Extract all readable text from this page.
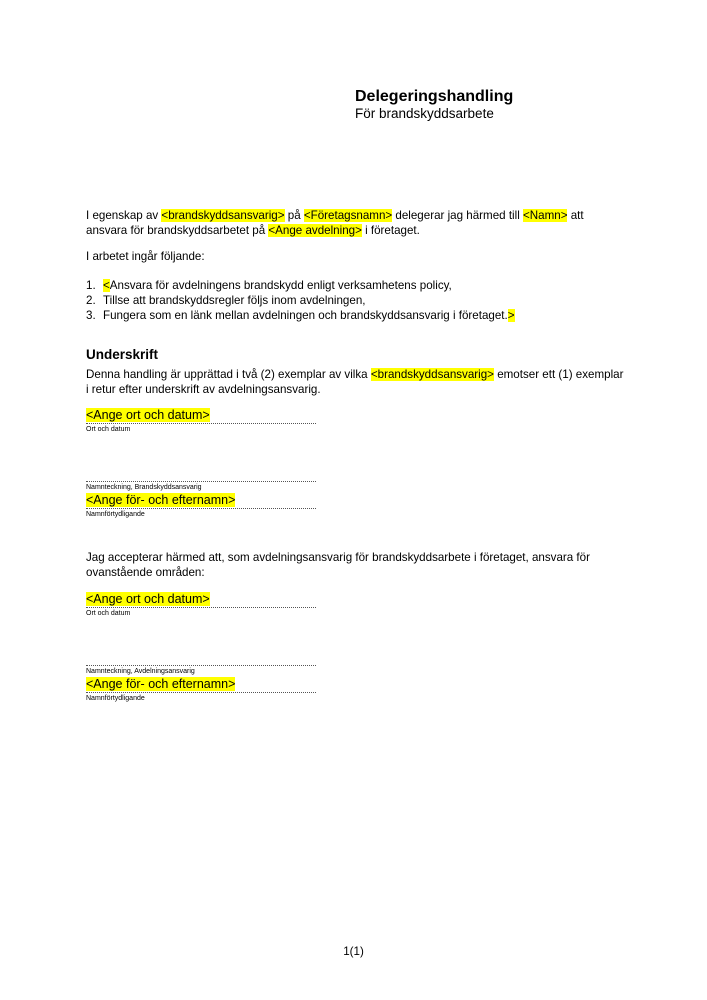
Delegeringshandling
För brandskyddsarbete
I egenskap av <brandskyddsansvarig> på <Företagsnamn> delegerar jag härmed till <Namn> att ansvara för brandskyddsarbetet på <Ange avdelning> i företaget.
I arbetet ingår följande:
1. <Ansvara för avdelningens brandskydd enligt verksamhetens policy,
2. Tillse att brandskyddsregler följs inom avdelningen,
3. Fungera som en länk mellan avdelningen och brandskyddsansvarig i företaget.>
Underskrift
Denna handling är upprättad i två (2) exemplar av vilka <brandskyddsansvarig> emotser ett (1) exemplar i retur efter underskrift av avdelningsansvarig.
<Ange ort och datum>
Ort och datum
Namnteckning, Brandskyddsansvarig
<Ange för- och efternamn>
Namnförtydligande
Jag accepterar härmed att, som avdelningsansvarig för brandskyddsarbete i företaget, ansvara för ovanstående områden:
<Ange ort och datum>
Ort och datum
Namnteckning, Avdelningsansvarig
<Ange för- och efternamn>
Namnförtydligande
1(1)
